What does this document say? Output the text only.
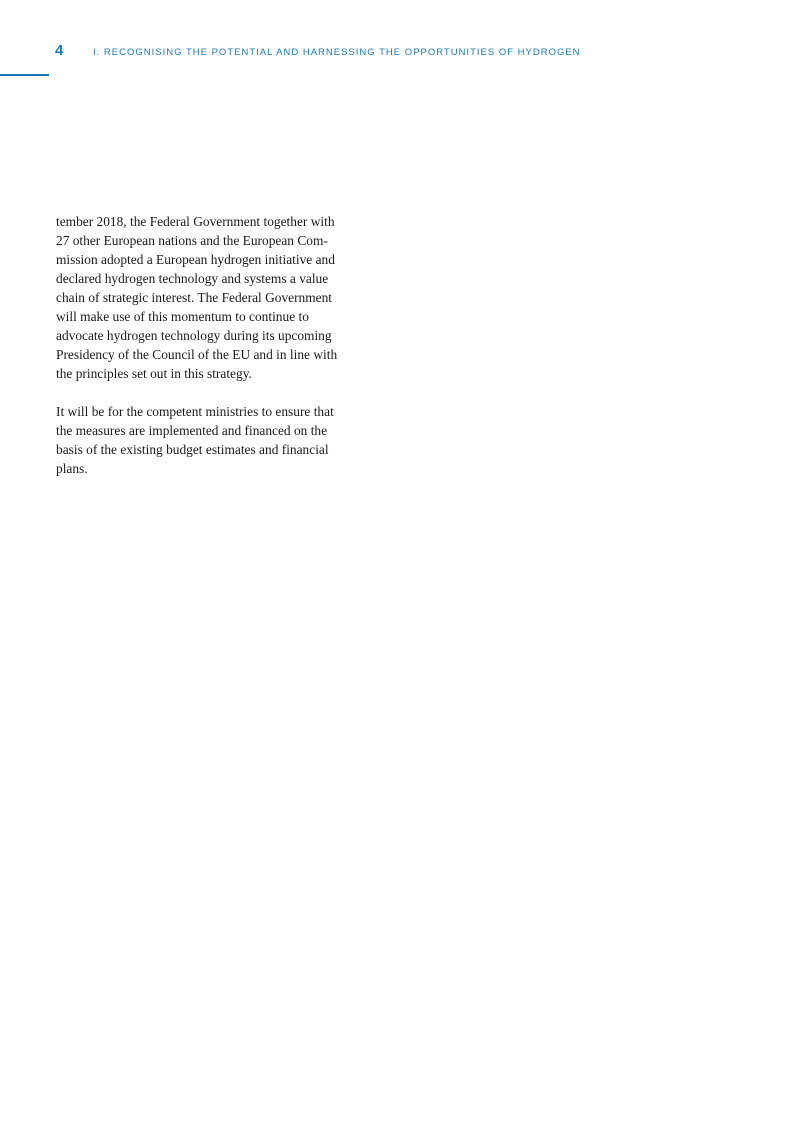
4	I. RECOGNISING THE POTENTIAL AND HARNESSING THE OPPORTUNITIES OF HYDROGEN

tember 2018, the Federal Government together with
27 other European nations and the European Com-
mission adopted a European hydrogen initiative and
declared hydrogen technology and systems a value
chain of strategic interest. The Federal Government
will make use of this momentum to continue to
advocate hydrogen technology during its upcoming
Presidency of the Council of the EU and in line with
the principles set out in this strategy.

It will be for the competent ministries to ensure that
the measures are implemented and financed on the
basis of the existing budget estimates and financial
plans.
